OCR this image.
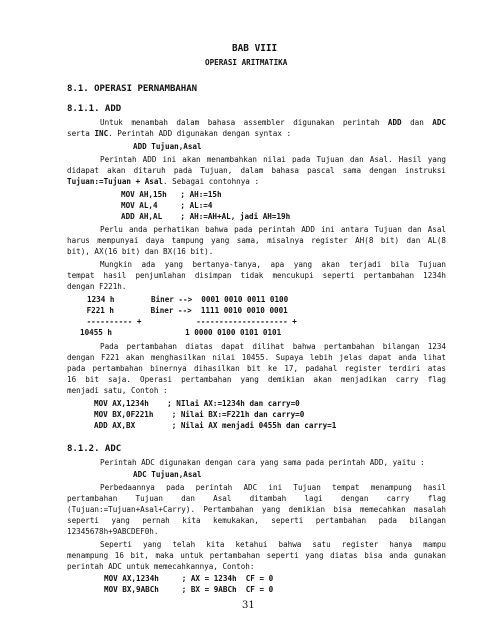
BAB VIII
OPERASI ARITMATIKA
8.1. OPERASI PERNAMBAHAN
8.1.1. ADD
Untuk menambah dalam bahasa assembler digunakan perintah ADD dan ADC
serta INC. Perintah ADD digunakan dengan syntax :
ADD Tujuan,Asal
Perintah ADD ini akan menambahkan nilai pada Tujuan dan Asal. Hasil yang
didapat akan ditaruh pada Tujuan, dalam bahasa pascal sama dengan instruksi
Tujuan:=Tujuan + Asal. Sebagai contohnya :
MOV AH,15h   ; AH:=15h
MOV AL,4     ; AL:=4
ADD AH,AL    ; AH:=AH+AL, jadi AH=19h
Perlu anda perhatikan bahwa pada perintah ADD ini antara Tujuan dan Asal
harus mempunyai daya tampung yang sama, misalnya register AH(8 bit) dan AL(8
bit), AX(16 bit) dan BX(16 bit).
Mungkin ada yang bertanya-tanya, apa yang akan terjadi bila Tujuan
tempat hasil penjumlahan disimpan tidak mencukupi seperti pertambahan 1234h
dengan F221h.
1234 h        Biner -->  0001 0010 0011 0100
F221 h        Biner -->  1111 0010 0010 0001
---------- +            -------------------- +
10455 h                1 0000 0100 0101 0101
Pada pertambahan diatas dapat dilihat bahwa pertambahan bilangan 1234
dengan F221 akan menghasilkan nilai 10455. Supaya lebih jelas dapat anda lihat
pada pertambahan binernya dihasilkan bit ke 17, padahal register terdiri atas
16 bit saja. Operasi pertambahan yang demikian akan menjadikan carry flag
menjadi satu, Contoh :
MOV AX,1234h    ; NIlai AX:=1234h dan carry=0
MOV BX,0F221h    ; Nilai BX:=F221h dan carry=0
ADD AX,BX        ; Nilai AX menjadi 0455h dan carry=1
8.1.2. ADC
Perintah ADC digunakan dengan cara yang sama pada perintah ADD, yaitu :
ADC Tujuan,Asal
Perbedaannya pada perintah ADC ini Tujuan tempat menampung hasil
pertambahan Tujuan dan Asal ditambah lagi dengan carry flag
(Tujuan:=Tujuan+Asal+Carry). Pertambahan yang demikian bisa memecahkan masalah
seperti yang pernah kita kemukakan, seperti pertambahan pada bilangan
12345678h+9ABCDEF0h.
Seperti yang telah kita ketahui bahwa satu register hanya mampu
menampung 16 bit, maka untuk pertambahan seperti yang diatas bisa anda gunakan
perintah ADC untuk memecahkannya, Contoh:
MOV AX,1234h     ; AX = 1234h  CF = 0
MOV BX,9ABCh     ; BX = 9ABCh  CF = 0
31
